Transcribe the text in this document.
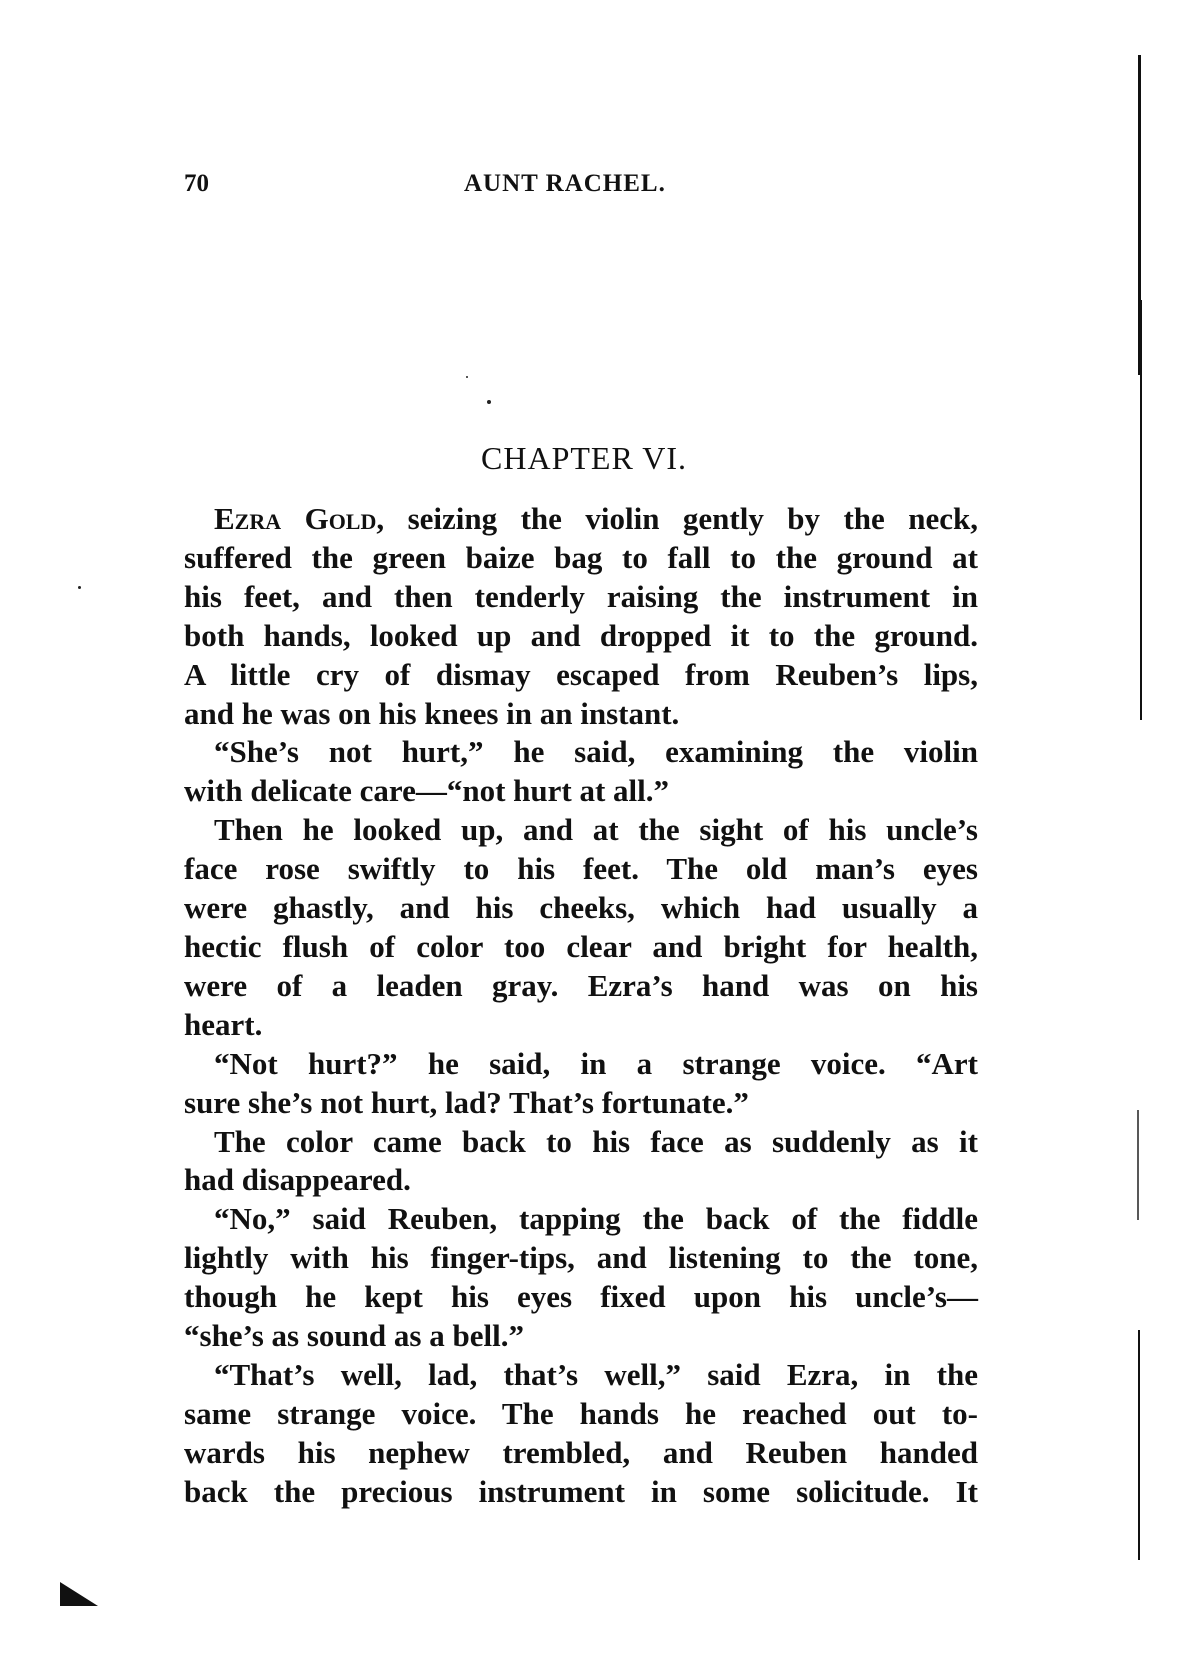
70	AUNT RACHEL.
CHAPTER VI.
Ezra Gold, seizing the violin gently by the neck,
suffered the green baize bag to fall to the ground at
his feet, and then tenderly raising the instrument in
both hands, looked up and dropped it to the ground.
A little cry of dismay escaped from Reuben’s lips,
and he was on his knees in an instant.
“She’s not hurt,” he said, examining the violin
with delicate care—“not hurt at all.”
Then he looked up, and at the sight of his uncle’s
face rose swiftly to his feet. The old man’s eyes
were ghastly, and his cheeks, which had usually a
hectic flush of color too clear and bright for health,
were of a leaden gray. Ezra’s hand was on his
heart.
“Not hurt?” he said, in a strange voice. “Art
sure she’s not hurt, lad? That’s fortunate.”
The color came back to his face as suddenly as it
had disappeared.
“No,” said Reuben, tapping the back of the fiddle
lightly with his finger-tips, and listening to the tone,
though he kept his eyes fixed upon his uncle’s—
“she’s as sound as a bell.”
“That’s well, lad, that’s well,” said Ezra, in the
same strange voice. The hands he reached out to-
wards his nephew trembled, and Reuben handed
back the precious instrument in some solicitude. It
